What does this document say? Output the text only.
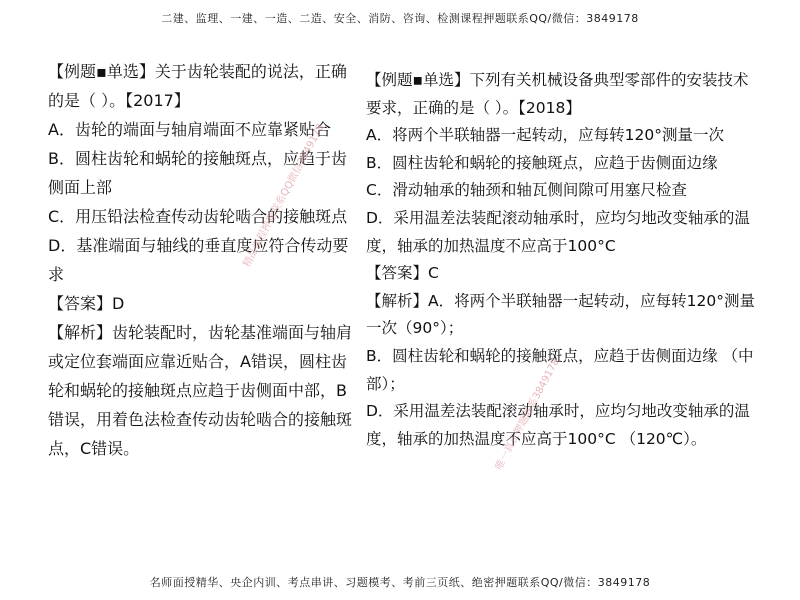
二建、监理、一建、一造、二造、安全、消防、咨询、检测课程押题联系QQ/微信：3849178

【例题▪单选】关于齿轮装配的说法，正确的是（ ）。【2017】

A．齿轮的端面与轴肩端面不应靠紧贴合

B．圆柱齿轮和蜗轮的接触斑点，应趋于齿侧面上部

C．用压铅法检查传动齿轮啮合的接触斑点

D．基准端面与轴线的垂直度应符合传动要求

【答案】D

【解析】齿轮装配时，齿轮基准端面与轴肩或定位套端面应靠近贴合，A错误，圆柱齿轮和蜗轮的接触斑点应趋于齿侧面中部，B错误，用着色法检查传动齿轮啮合的接触斑点，C错误。

【例题▪单选】下列有关机械设备典型零部件的安装技术要求，正确的是（ ）。【2018】

A．将两个半联轴器一起转动，应每转120°测量一次

B．圆柱齿轮和蜗轮的接触斑点，应趋于齿侧面边缘

C．滑动轴承的轴颈和轴瓦侧间隙可用塞尺检查

D．采用温差法装配滚动轴承时，应均匀地改变轴承的温度，轴承的加热温度不应高于100°C

【答案】C

【解析】A．将两个半联轴器一起转动，应每转120°测量一次（90°）；

B．圆柱齿轮和蜗轮的接触斑点，应趋于齿侧面边缘 （中部）；

D．采用温差法装配滚动轴承时，应均匀地改变轴承的温度，轴承的加热温度不应高于100°C （120℃）。

精品课程押题联系QQ微信3849178
唯一真正押题联系3849178
名师面授精华、央企内训、考点串讲、习题模考、考前三页纸、绝密押题联系QQ/微信：3849178
